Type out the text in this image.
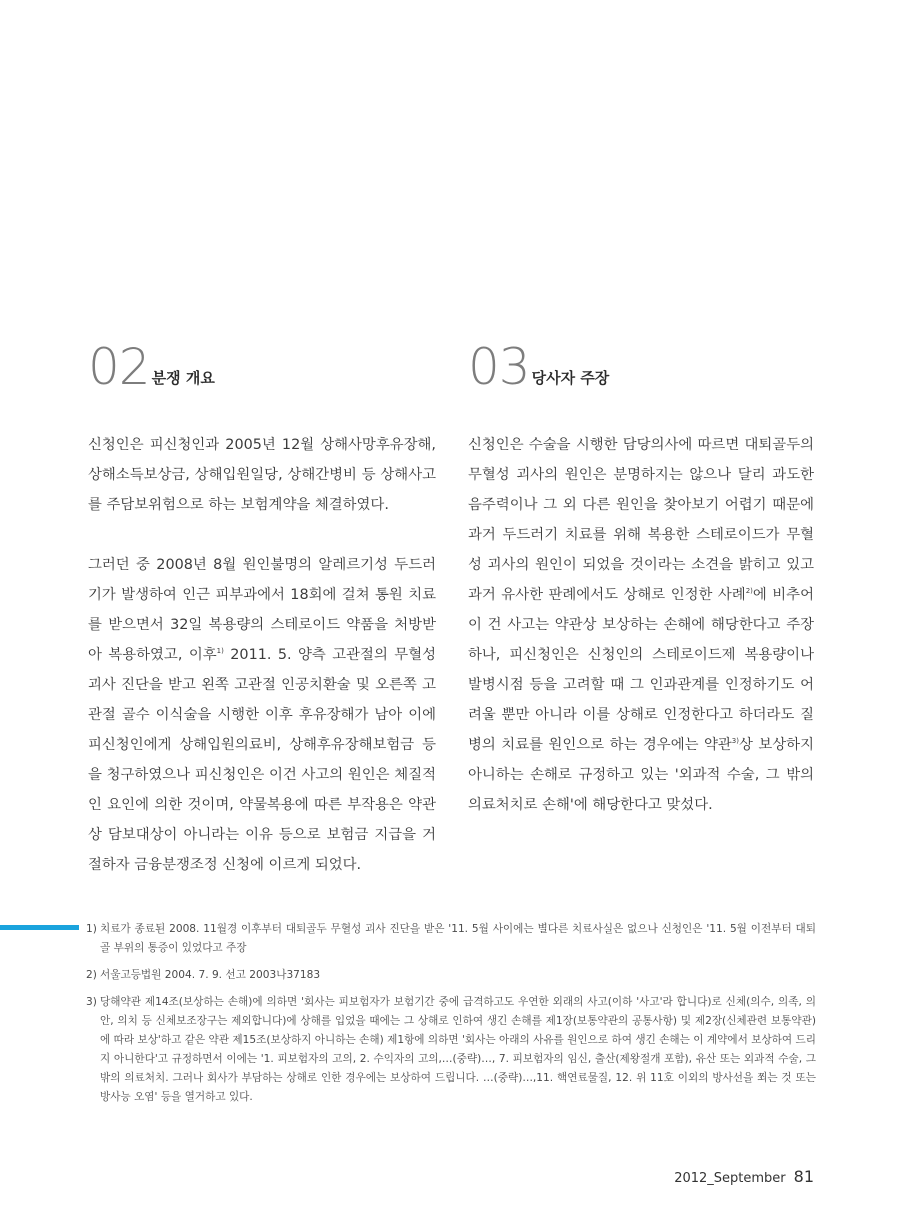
02 분쟁 개요

신청인은 피신청인과 2005년 12월 상해사망후유장해, 상해소득보상금, 상해입원일당, 상해간병비 등 상해사고를 주담보위험으로 하는 보험계약을 체결하였다.

그러던 중 2008년 8월 원인불명의 알레르기성 두드러기가 발생하여 인근 피부과에서 18회에 걸쳐 통원 치료를 받으면서 32일 복용량의 스테로이드 약품을 처방받아 복용하였고, 이후$^{1)}$ 2011. 5. 양측 고관절의 무혈성 괴사 진단을 받고 왼쪽 고관절 인공치환술 및 오른쪽 고관절 골수 이식술을 시행한 이후 후유장해가 남아 이에 피신청인에게 상해입원의료비, 상해후유장해보험금 등을 청구하였으나 피신청인은 이건 사고의 원인은 체질적인 요인에 의한 것이며, 약물복용에 따른 부작용은 약관상 담보대상이 아니라는 이유 등으로 보험금 지급을 거절하자 금융분쟁조정 신청에 이르게 되었다.

03 당사자 주장

신청인은 수술을 시행한 담당의사에 따르면 대퇴골두의 무혈성 괴사의 원인은 분명하지는 않으나 달리 과도한 음주력이나 그 외 다른 원인을 찾아보기 어렵기 때문에 과거 두드러기 치료를 위해 복용한 스테로이드가 무혈성 괴사의 원인이 되었을 것이라는 소견을 밝히고 있고 과거 유사한 판례에서도 상해로 인정한 사례$^{2)}$에 비추어 이 건 사고는 약관상 보상하는 손해에 해당한다고 주장하나, 피신청인은 신청인의 스테로이드제 복용량이나 발병시점 등을 고려할 때 그 인과관계를 인정하기도 어려울 뿐만 아니라 이를 상해로 인정한다고 하더라도 질병의 치료를 원인으로 하는 경우에는 약관$^{3)}$상 보상하지 아니하는 손해로 규정하고 있는 '외과적 수술, 그 밖의 의료처치로 손해'에 해당한다고 맞섰다.

1) 치료가 종료된 2008. 11월경 이후부터 대퇴골두 무혈성 괴사 진단을 받은 '11. 5월 사이에는 별다른 치료사실은 없으나 신청인은 '11. 5월 이전부터 대퇴골 부위의 통증이 있었다고 주장
2) 서울고등법원 2004. 7. 9. 선고 2003나37183
3) 당해약관 제14조(보상하는 손해)에 의하면 '회사는 피보험자가 보험기간 중에 급격하고도 우연한 외래의 사고(이하 '사고'라 합니다)로 신체(의수, 의족, 의안, 의치 등 신체보조장구는 제외합니다)에 상해를 입었을 때에는 그 상해로 인하여 생긴 손해를 제1장(보통약관의 공통사항) 및 제2장(신체관련 보통약관)에 따라 보상'하고 같은 약관 제15조(보상하지 아니하는 손해) 제1항에 의하면 '회사는 아래의 사유를 원인으로 하여 생긴 손해는 이 계약에서 보상하여 드리지 아니한다'고 규정하면서 이에는 '1. 피보험자의 고의, 2. 수익자의 고의,…(중략)…, 7. 피보험자의 임신, 출산(제왕절개 포함), 유산 또는 외과적 수술, 그 밖의 의료처치. 그러나 회사가 부담하는 상해로 인한 경우에는 보상하여 드립니다. …(중략)…,11. 핵연료물질, 12. 위 11호 이외의 방사선을 쬐는 것 또는 방사능 오염' 등을 열거하고 있다.
2012_September 81
